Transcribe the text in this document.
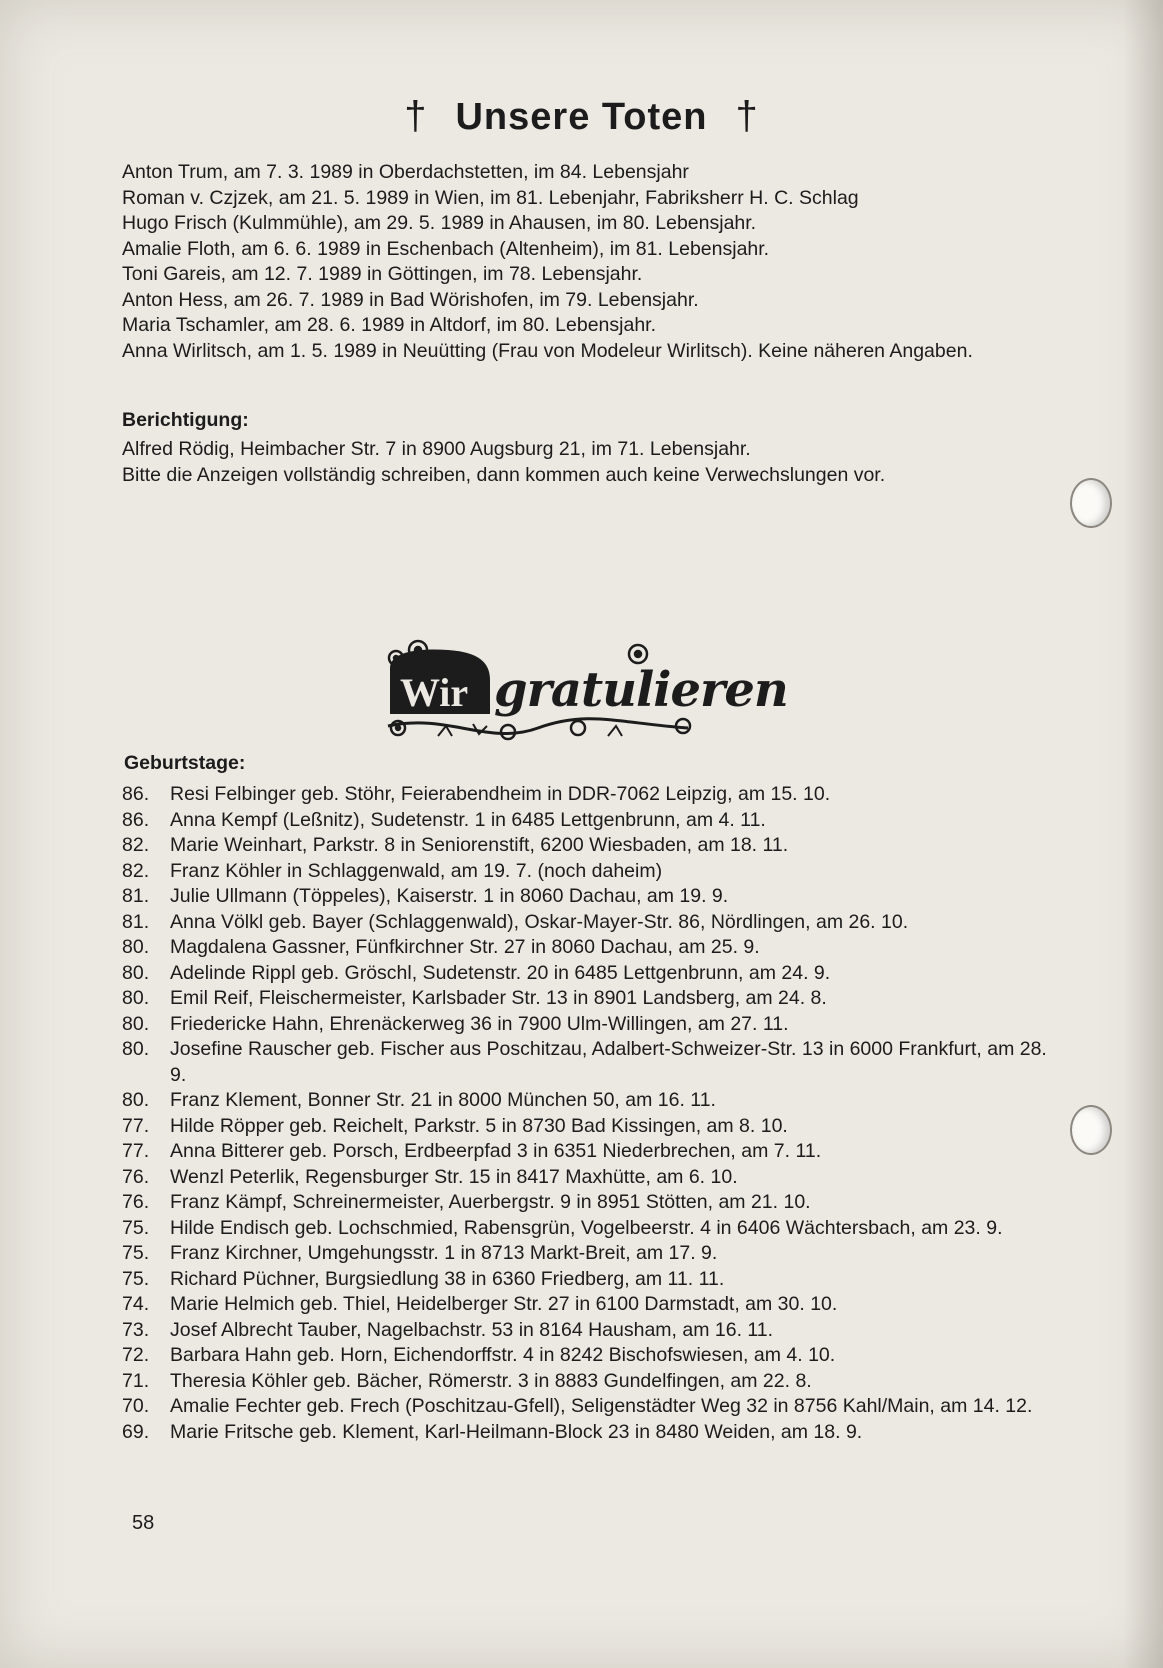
† Unsere Toten †
Anton Trum, am 7. 3. 1989 in Oberdachstetten, im 84. Lebensjahr
Roman v. Czjzek, am 21. 5. 1989 in Wien, im 81. Lebenjahr, Fabriksherr H. C. Schlag
Hugo Frisch (Kulmmühle), am 29. 5. 1989 in Ahausen, im 80. Lebensjahr.
Amalie Floth, am 6. 6. 1989 in Eschenbach (Altenheim), im 81. Lebensjahr.
Toni Gareis, am 12. 7. 1989 in Göttingen, im 78. Lebensjahr.
Anton Hess, am 26. 7. 1989 in Bad Wörishofen, im 79. Lebensjahr.
Maria Tschamler, am 28. 6. 1989 in Altdorf, im 80. Lebensjahr.
Anna Wirlitsch, am 1. 5. 1989 in Neuütting (Frau von Modeleur Wirlitsch). Keine näheren Angaben.
Berichtigung:

Alfred Rödig, Heimbacher Str. 7 in 8900 Augsburg 21, im 71. Lebensjahr.

Bitte die Anzeigen vollständig schreiben, dann kommen auch keine Verwechslungen vor.

Wir gratulieren
Geburtstage:
86. Resi Felbinger geb. Stöhr, Feierabendheim in DDR-7062 Leipzig, am 15. 10.
86. Anna Kempf (Leßnitz), Sudetenstr. 1 in 6485 Lettgenbrunn, am 4. 11.
82. Marie Weinhart, Parkstr. 8 in Seniorenstift, 6200 Wiesbaden, am 18. 11.
82. Franz Köhler in Schlaggenwald, am 19. 7. (noch daheim)
81. Julie Ullmann (Töppeles), Kaiserstr. 1 in 8060 Dachau, am 19. 9.
81. Anna Völkl geb. Bayer (Schlaggenwald), Oskar-Mayer-Str. 86, Nördlingen, am 26. 10.
80. Magdalena Gassner, Fünfkirchner Str. 27 in 8060 Dachau, am 25. 9.
80. Adelinde Rippl geb. Gröschl, Sudetenstr. 20 in 6485 Lettgenbrunn, am 24. 9.
80. Emil Reif, Fleischermeister, Karlsbader Str. 13 in 8901 Landsberg, am 24. 8.
80. Friedericke Hahn, Ehrenäckerweg 36 in 7900 Ulm-Willingen, am 27. 11.
80. Josefine Rauscher geb. Fischer aus Poschitzau, Adalbert-Schweizer-Str. 13 in 6000 Frankfurt, am 28. 9.
80. Franz Klement, Bonner Str. 21 in 8000 München 50, am 16. 11.
77. Hilde Röpper geb. Reichelt, Parkstr. 5 in 8730 Bad Kissingen, am 8. 10.
77. Anna Bitterer geb. Porsch, Erdbeerpfad 3 in 6351 Niederbrechen, am 7. 11.
76. Wenzl Peterlik, Regensburger Str. 15 in 8417 Maxhütte, am 6. 10.
76. Franz Kämpf, Schreinermeister, Auerbergstr. 9 in 8951 Stötten, am 21. 10.
75. Hilde Endisch geb. Lochschmied, Rabensgrün, Vogelbeerstr. 4 in 6406 Wächtersbach, am 23. 9.
75. Franz Kirchner, Umgehungsstr. 1 in 8713 Markt-Breit, am 17. 9.
75. Richard Püchner, Burgsiedlung 38 in 6360 Friedberg, am 11. 11.
74. Marie Helmich geb. Thiel, Heidelberger Str. 27 in 6100 Darmstadt, am 30. 10.
73. Josef Albrecht Tauber, Nagelbachstr. 53 in 8164 Hausham, am 16. 11.
72. Barbara Hahn geb. Horn, Eichendorffstr. 4 in 8242 Bischofswiesen, am 4. 10.
71. Theresia Köhler geb. Bächer, Römerstr. 3 in 8883 Gundelfingen, am 22. 8.
70. Amalie Fechter geb. Frech (Poschitzau-Gfell), Seligenstädter Weg 32 in 8756 Kahl/Main, am 14. 12.
69. Marie Fritsche geb. Klement, Karl-Heilmann-Block 23 in 8480 Weiden, am 18. 9.

58
